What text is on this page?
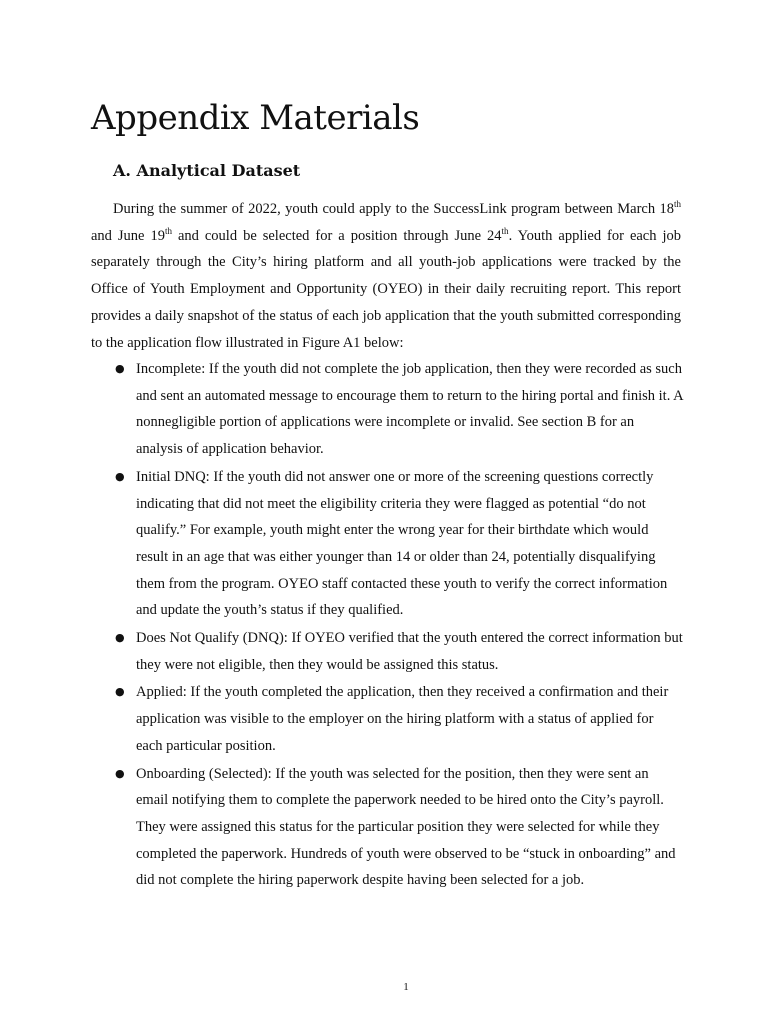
Appendix Materials
A. Analytical Dataset

During the summer of 2022, youth could apply to the SuccessLink program between March 18th and June 19th and could be selected for a position through June 24th. Youth applied for each job separately through the City’s hiring platform and all youth-job applications were tracked by the Office of Youth Employment and Opportunity (OYEO) in their daily recruiting report. This report provides a daily snapshot of the status of each job application that the youth submitted corresponding to the application flow illustrated in Figure A1 below:

● Incomplete: If the youth did not complete the job application, then they were recorded as such and sent an automated message to encourage them to return to the hiring portal and finish it. A nonnegligible portion of applications were incomplete or invalid. See section B for an analysis of application behavior.
● Initial DNQ: If the youth did not answer one or more of the screening questions correctly indicating that did not meet the eligibility criteria they were flagged as potential “do not qualify.” For example, youth might enter the wrong year for their birthdate which would result in an age that was either younger than 14 or older than 24, potentially disqualifying them from the program. OYEO staff contacted these youth to verify the correct information and update the youth’s status if they qualified.
● Does Not Qualify (DNQ): If OYEO verified that the youth entered the correct information but they were not eligible, then they would be assigned this status.
● Applied: If the youth completed the application, then they received a confirmation and their application was visible to the employer on the hiring platform with a status of applied for each particular position.
● Onboarding (Selected): If the youth was selected for the position, then they were sent an email notifying them to complete the paperwork needed to be hired onto the City’s payroll. They were assigned this status for the particular position they were selected for while they completed the paperwork. Hundreds of youth were observed to be “stuck in onboarding” and did not complete the hiring paperwork despite having been selected for a job.
1
